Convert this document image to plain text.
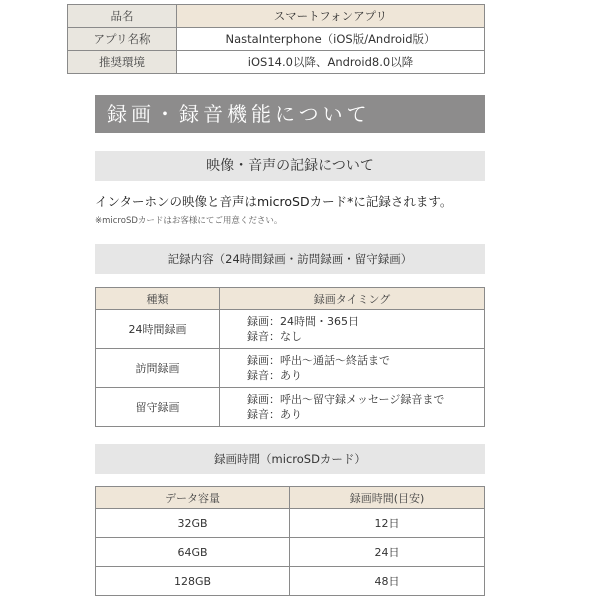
品名	スマートフォンアプリ
アプリ名称	NastaInterphone（iOS版/Android版）
推奨環境	iOS14.0以降、Android8.0以降
録画・録音機能について
映像・音声の記録について
インターホンの映像と音声はmicroSDカード*に記録されます。
※microSDカードはお客様にてご用意ください。
記録内容（24時間録画・訪問録画・留守録画）
種類	録画タイミング
24時間録画	録画：24時間・365日
録音：なし

訪問録画	録画：呼出〜通話〜終話まで
録音：あり

留守録画	録画：呼出〜留守録メッセージ録音まで
録音：あり
録画時間（microSDカード）
データ容量	録画時間(目安)
32GB	12日
64GB	24日
128GB	48日
